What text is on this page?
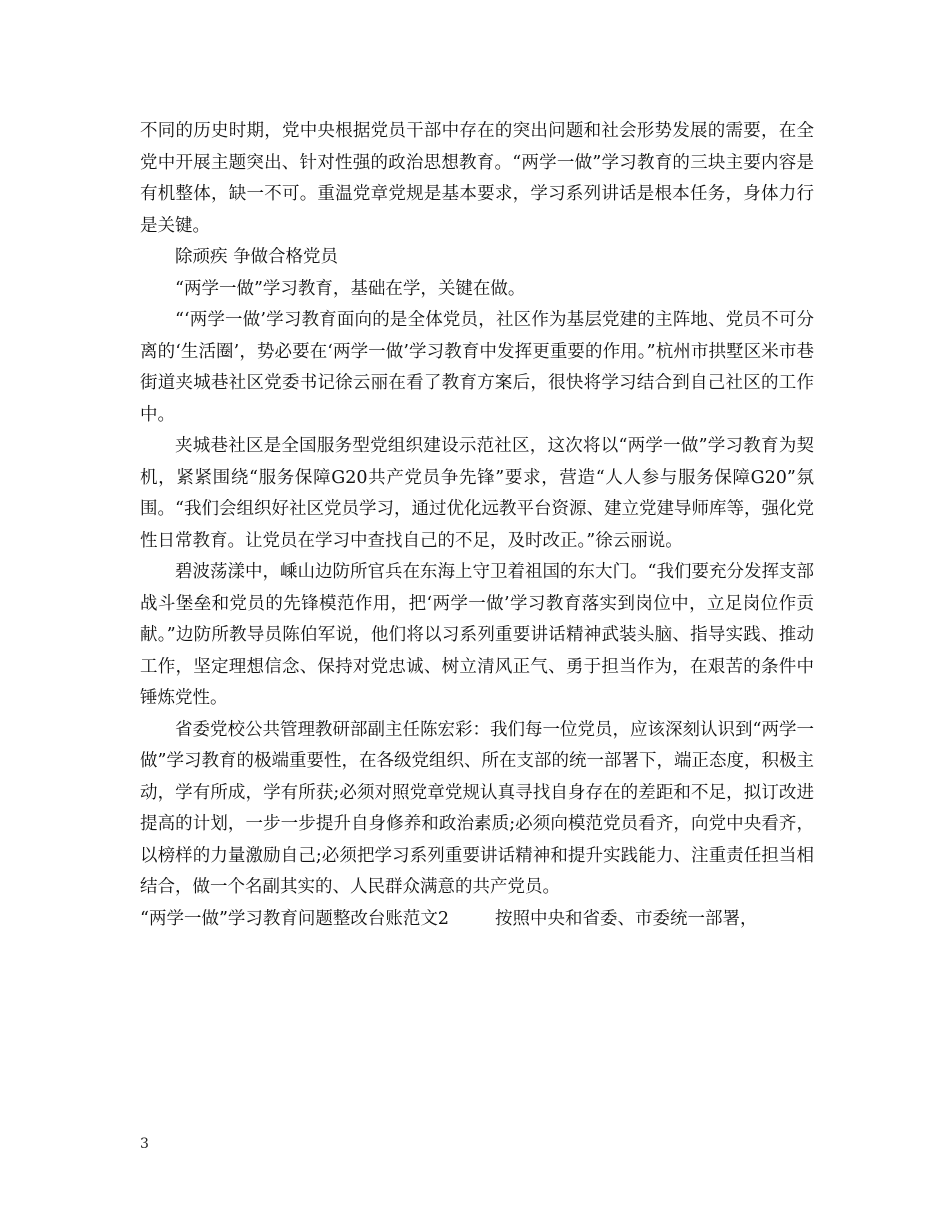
不同的历史时期，党中央根据党员干部中存在的突出问题和社会形势发展的需要，在全党中开展主题突出、针对性强的政治思想教育。“两学一做”学习教育的三块主要内容是有机整体，缺一不可。重温党章党规是基本要求，学习系列讲话是根本任务，身体力行是关键。

除顽疾 争做合格党员

“两学一做”学习教育，基础在学，关键在做。

“‘两学一做’学习教育面向的是全体党员，社区作为基层党建的主阵地、党员不可分离的‘生活圈’，势必要在‘两学一做’学习教育中发挥更重要的作用。”杭州市拱墅区米市巷街道夹城巷社区党委书记徐云丽在看了教育方案后，很快将学习结合到自己社区的工作中。

夹城巷社区是全国服务型党组织建设示范社区，这次将以“两学一做”学习教育为契机，紧紧围绕“服务保障G20共产党员争先锋”要求，营造“人人参与服务保障G20”氛围。“我们会组织好社区党员学习，通过优化远教平台资源、建立党建导师库等，强化党性日常教育。让党员在学习中查找自己的不足，及时改正。”徐云丽说。

碧波荡漾中，嵊山边防所官兵在东海上守卫着祖国的东大门。“我们要充分发挥支部战斗堡垒和党员的先锋模范作用，把‘两学一做’学习教育落实到岗位中，立足岗位作贡献。”边防所教导员陈伯军说，他们将以习系列重要讲话精神武装头脑、指导实践、推动工作，坚定理想信念、保持对党忠诚、树立清风正气、勇于担当作为，在艰苦的条件中锤炼党性。

省委党校公共管理教研部副主任陈宏彩：我们每一位党员，应该深刻认识到“两学一做”学习教育的极端重要性，在各级党组织、所在支部的统一部署下，端正态度，积极主动，学有所成，学有所获;必须对照党章党规认真寻找自身存在的差距和不足，拟订改进提高的计划，一步一步提升自身修养和政治素质;必须向模范党员看齐，向党中央看齐，以榜样的力量激励自己;必须把学习系列重要讲话精神和提升实践能力、注重责任担当相结合，做一个名副其实的、人民群众满意的共产党员。

“两学一做”学习教育问题整改台账范文2	按照中央和省委、市委统一部署，

3
